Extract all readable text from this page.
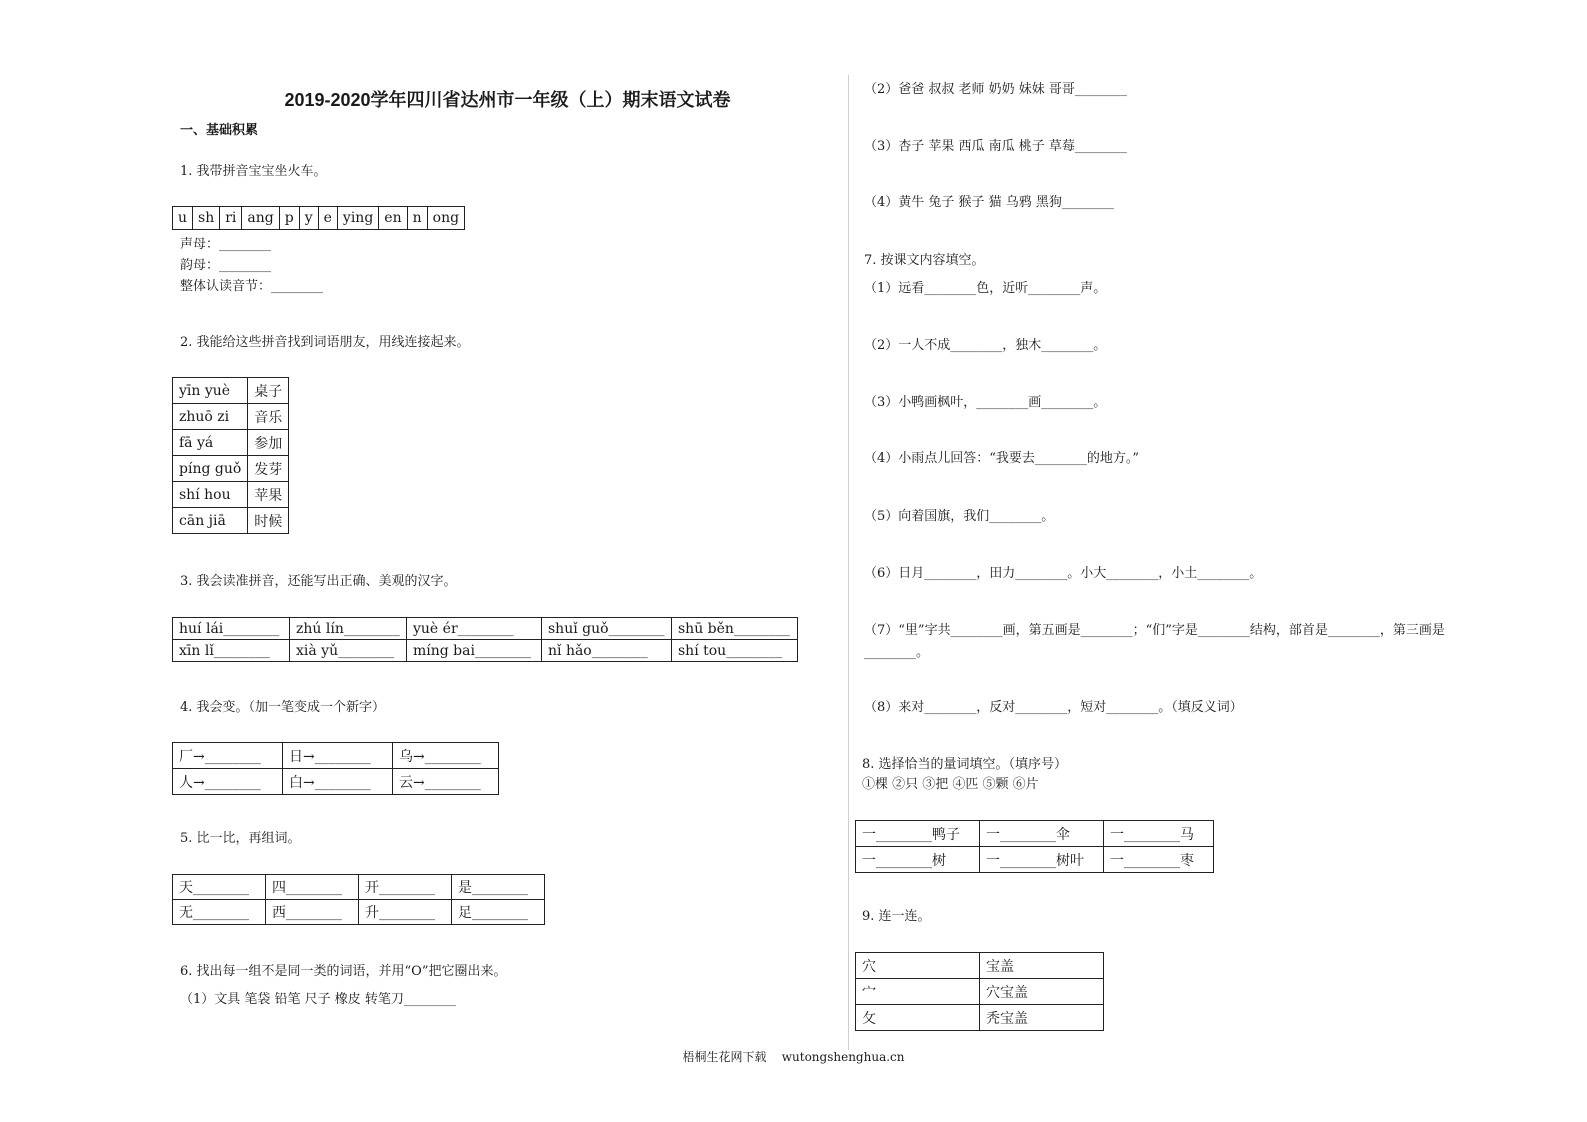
2019-2020学年四川省达州市一年级（上）期末语文试卷
一、基础积累
1. 我带拼音宝宝坐火车。
u	sh	ri	ang	p	y	e	ying	en	n	ong
声母：________
韵母：________
整体认读音节：________
2. 我能给这些拼音找到词语朋友，用线连接起来。
yīn yuè	桌子
zhuō zi	音乐
fā yá	参加
píng guǒ	发芽
shí hou	苹果
cān jiā	时候
3. 我会读准拼音，还能写出正确、美观的汉字。
huí lái________	zhú lín________	yuè ér________	shuǐ guǒ________	shū běn________
xīn lǐ________	xià yǔ________	míng bai________	nǐ hǎo________	shí tou________
4. 我会变。（加一笔变成一个新字）
厂→________	日→________	乌→________
人→________	白→________	云→________
5. 比一比，再组词。
天________	四________	开________	是________
无________	西________	升________	足________
6. 找出每一组不是同一类的词语，并用“O”把它圈出来。
（1）文具 笔袋 铅笔 尺子 橡皮 转笔刀________
（2）爸爸 叔叔 老师 奶奶 妹妹 哥哥________
（3）杏子 苹果 西瓜 南瓜 桃子 草莓________
（4）黄牛 兔子 猴子 猫 乌鸦 黑狗________
7. 按课文内容填空。
（1）远看________色，近听________声。
（2）一人不成________，独木________。
（3）小鸭画枫叶，________画________。
（4）小雨点儿回答：“我要去________的地方。”
（5）向着国旗，我们________。
（6）日月________，田力________。小大________，小土________。
（7）“里”字共________画，第五画是________；“们”字是________结构，部首是________，第三画是
________。
（8）来对________，反对________，短对________。（填反义词）
8. 选择恰当的量词填空。（填序号）
①棵 ②只 ③把 ④匹 ⑤颗 ⑥片
一________鸭子	一________伞	一________马
一________树	一________树叶	一________枣
9. 连一连。
穴	宝盖
宀	穴宝盖
攵	秃宝盖
梧桐生花网下载    wutongshenghua.cn
